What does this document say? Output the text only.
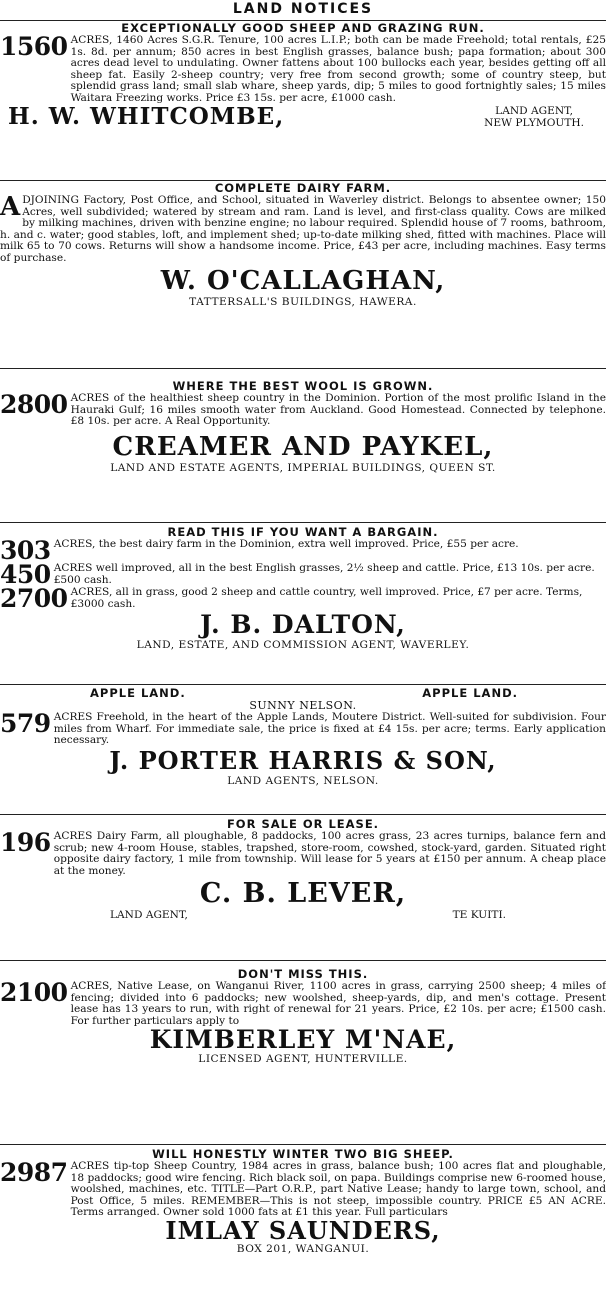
LAND NOTICES
EXCEPTIONALLY GOOD SHEEP AND GRAZING RUN.
1560 ACRES, 1460 Acres S.G.R. Tenure, 100 acres L.I.P.; both can be made Freehold; total rentals, £25 1s. 8d. per annum; 850 acres in best English grasses, balance bush; papa formation; about 300 acres dead level to undulating. Owner fattens about 100 bullocks each year, besides getting off all sheep fat. Easily 2-sheep country; very free from second growth; some of country steep, but splendid grass land; small slab whare, sheep yards, dip; 5 miles to good fortnightly sales; 15 miles Waitara Freezing works. Price £3 15s. per acre, £1000 cash.
H. W. WHITCOMBE,	LAND AGENT,
NEW PLYMOUTH.
COMPLETE DAIRY FARM.
A DJOINING Factory, Post Office, and School, situated in Waverley district. Belongs to absentee owner; 150 Acres, well subdivided; watered by stream and ram. Land is level, and first-class quality. Cows are milked by milking machines, driven with benzine engine; no labour required. Splendid house of 7 rooms, bathroom, h. and c. water; good stables, loft, and implement shed; up-to-date milking shed, fitted with machines. Place will milk 65 to 70 cows. Returns will show a handsome income. Price, £43 per acre, including machines. Easy terms of purchase.
W. O'CALLAGHAN,
TATTERSALL'S BUILDINGS, HAWERA.
WHERE THE BEST WOOL IS GROWN.
2800 ACRES of the healthiest sheep country in the Dominion. Portion of the most prolific Island in the Hauraki Gulf; 16 miles smooth water from Auckland. Good Homestead. Connected by telephone. £8 10s. per acre. A Real Opportunity.
CREAMER AND PAYKEL,
LAND AND ESTATE AGENTS, IMPERIAL BUILDINGS, QUEEN ST.
READ THIS IF YOU WANT A BARGAIN.
303 ACRES, the best dairy farm in the Dominion, extra well improved. Price, £55 per acre.
450 ACRES well improved, all in the best English grasses, 2½ sheep and cattle. Price, £13 10s. per acre. £500 cash.
2700 ACRES, all in grass, good 2 sheep and cattle country, well improved. Price, £7 per acre. Terms, £3000 cash.
J. B. DALTON,
LAND, ESTATE, AND COMMISSION AGENT, WAVERLEY.
APPLE LAND.	APPLE LAND.
SUNNY NELSON.
579 ACRES Freehold, in the heart of the Apple Lands, Moutere District. Well-suited for subdivision. Four miles from Wharf. For immediate sale, the price is fixed at £4 15s. per acre; terms. Early application necessary.
J. PORTER HARRIS & SON,
LAND AGENTS, NELSON.
FOR SALE OR LEASE.
196 ACRES Dairy Farm, all ploughable, 8 paddocks, 100 acres grass, 23 acres turnips, balance fern and scrub; new 4-room House, stables, trapshed, store-room, cowshed, stock-yard, garden. Situated right opposite dairy factory, 1 mile from township. Will lease for 5 years at £150 per annum. A cheap place at the money.
C. B. LEVER,
LAND AGENT,	TE KUITI.
DON'T MISS THIS.
2100 ACRES, Native Lease, on Wanganui River, 1100 acres in grass, carrying 2500 sheep; 4 miles of fencing; divided into 6 paddocks; new woolshed, sheep-yards, dip, and men's cottage. Present lease has 13 years to run, with right of renewal for 21 years. Price, £2 10s. per acre; £1500 cash. For further particulars apply to
KIMBERLEY M'NAE,
LICENSED AGENT, HUNTERVILLE.
WILL HONESTLY WINTER TWO BIG SHEEP.
2987 ACRES tip-top Sheep Country, 1984 acres in grass, balance bush; 100 acres flat and ploughable, 18 paddocks; good wire fencing. Rich black soil, on papa. Buildings comprise new 6-roomed house, woolshed, machines, etc. TITLE—Part O.R.P., part Native Lease; handy to large town, school, and Post Office, 5 miles. REMEMBER—This is not steep, impossible country. PRICE £5 AN ACRE. Terms arranged. Owner sold 1000 fats at £1 this year. Full particulars
IMLAY SAUNDERS,
BOX 201, WANGANUI.
